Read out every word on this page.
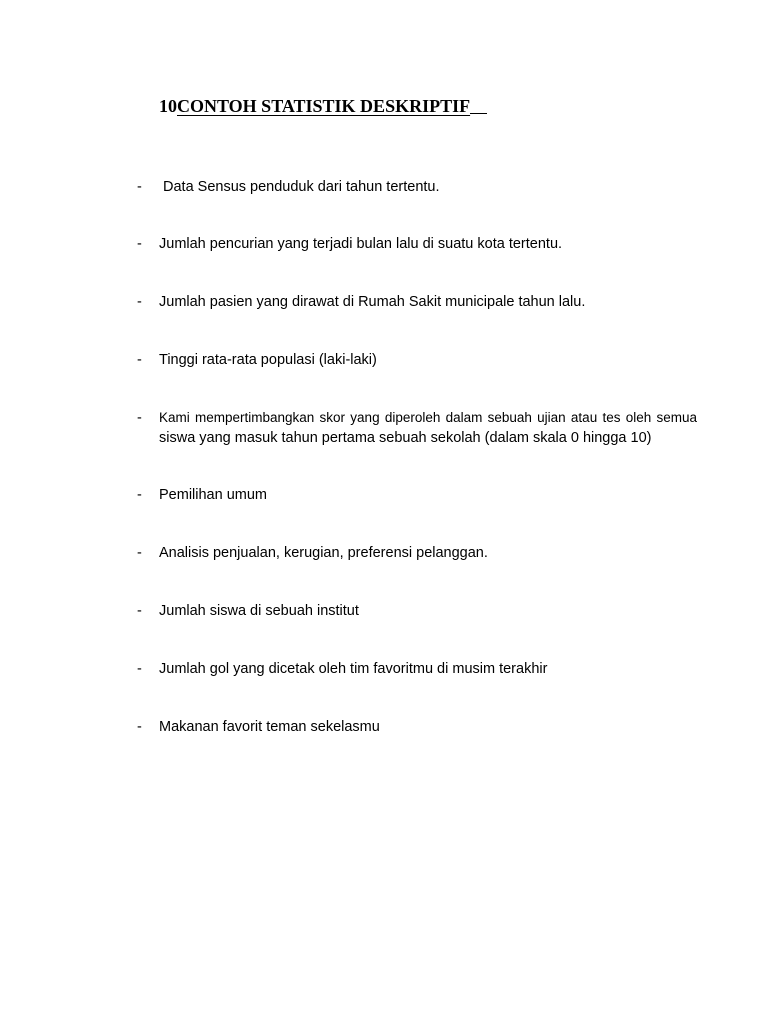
10CONTOH STATISTIK DESKRIPTIF
- Data Sensus penduduk dari tahun tertentu.
- Jumlah pencurian yang terjadi bulan lalu di suatu kota tertentu.
- Jumlah pasien yang dirawat di Rumah Sakit municipale tahun lalu.
- Tinggi rata-rata populasi (laki-laki)
- Kami mempertimbangkan skor yang diperoleh dalam sebuah ujian atau tes oleh semua
siswa yang masuk tahun pertama sebuah sekolah (dalam skala 0 hingga 10)
- Pemilihan umum
- Analisis penjualan, kerugian, preferensi pelanggan.
- Jumlah siswa di sebuah institut
- Jumlah gol yang dicetak oleh tim favoritmu di musim terakhir
- Makanan favorit teman sekelasmu
